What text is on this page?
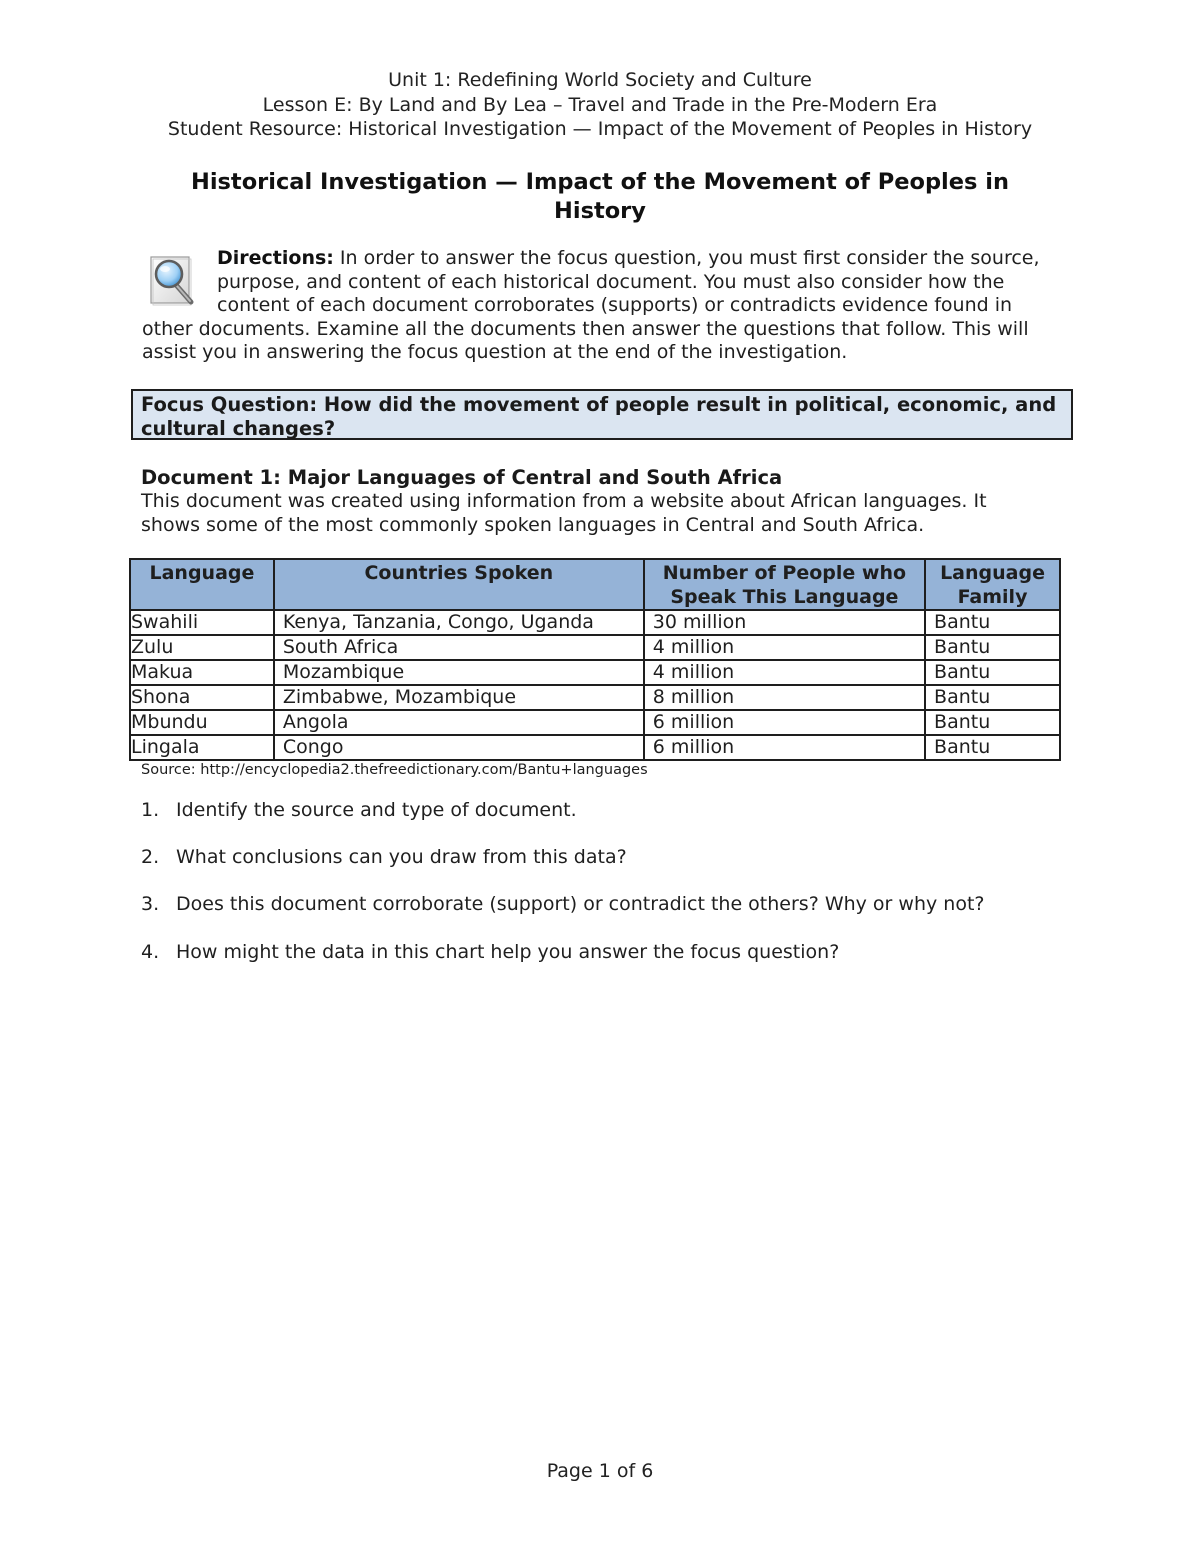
Unit 1: Redefining World Society and Culture
Lesson E: By Land and By Lea – Travel and Trade in the Pre-Modern Era
Student Resource: Historical Investigation — Impact of the Movement of Peoples in History
Historical Investigation — Impact of the Movement of Peoples in History
Directions: In order to answer the focus question, you must first consider the source, purpose, and content of each historical document. You must also consider how the content of each document corroborates (supports) or contradicts evidence found in other documents. Examine all the documents then answer the questions that follow. This will assist you in answering the focus question at the end of the investigation.
Focus Question: How did the movement of people result in political, economic, and cultural changes?
Document 1: Major Languages of Central and South Africa
This document was created using information from a website about African languages. It shows some of the most commonly spoken languages in Central and South Africa.
Language	Countries Spoken	Number of People who Speak This Language	Language Family
Swahili	Kenya, Tanzania, Congo, Uganda	30 million	Bantu
Zulu	South Africa	4 million	Bantu
Makua	Mozambique	4 million	Bantu
Shona	Zimbabwe, Mozambique	8 million	Bantu
Mbundu	Angola	6 million	Bantu
Lingala	Congo	6 million	Bantu
Source: http://encyclopedia2.thefreedictionary.com/Bantu+languages
1. Identify the source and type of document.
2. What conclusions can you draw from this data?
3. Does this document corroborate (support) or contradict the others? Why or why not?
4. How might the data in this chart help you answer the focus question?
Page 1 of 6
